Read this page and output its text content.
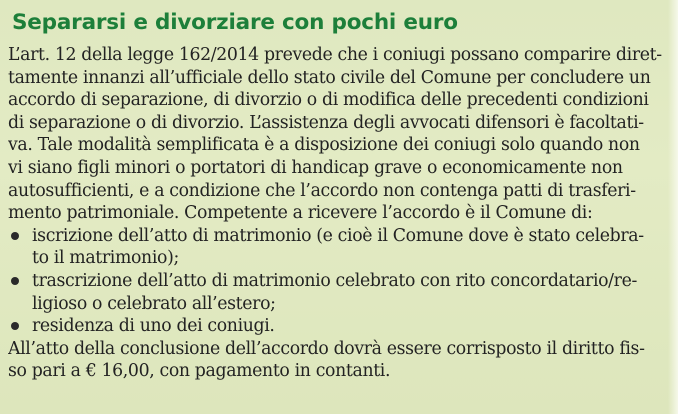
Separarsi e divorziare con pochi euro
L’art. 12 della legge 162/2014 prevede che i coniugi possano comparire diret-
tamente innanzi all’ufficiale dello stato civile del Comune per concludere un
accordo di separazione, di divorzio o di modifica delle precedenti condizioni
di separazione o di divorzio. L’assistenza degli avvocati difensori è facoltati-
va. Tale modalità semplificata è a disposizione dei coniugi solo quando non
vi siano figli minori o portatori di handicap grave o economicamente non
autosufficienti, e a condizione che l’accordo non contenga patti di trasferi-
mento patrimoniale. Competente a ricevere l’accordo è il Comune di:
iscrizione dell’atto di matrimonio (e cioè il Comune dove è stato celebra-
to il matrimonio);
trascrizione dell’atto di matrimonio celebrato con rito concordatario/re-
ligioso o celebrato all’estero;
residenza di uno dei coniugi.
All’atto della conclusione dell’accordo dovrà essere corrisposto il diritto fis-
so pari a € 16,00, con pagamento in contanti.
